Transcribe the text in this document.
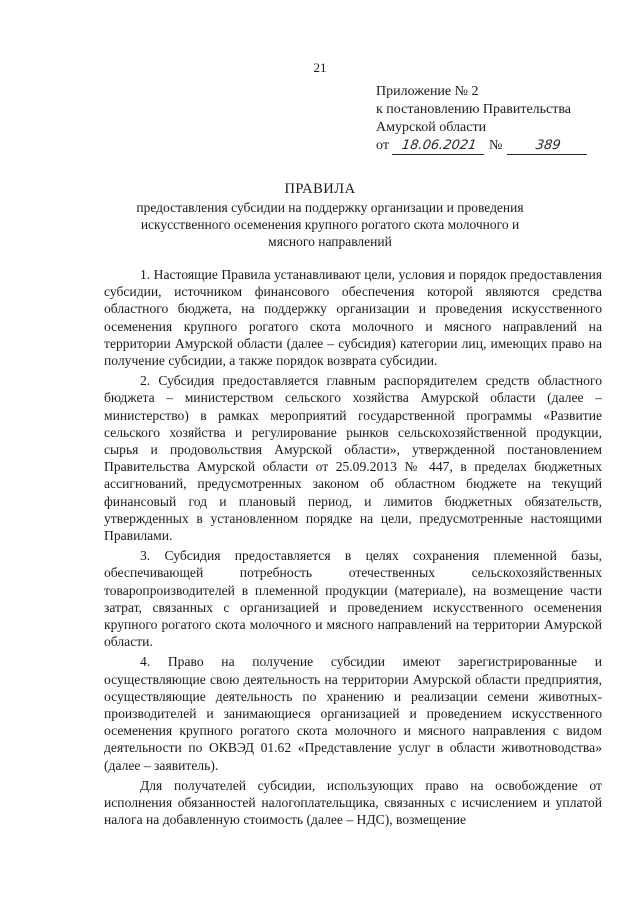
21
Приложение № 2
к постановлению Правительства
Амурской области
от 18.06.2021 №	389
ПРАВИЛА
предоставления субсидии на поддержку организации и проведения искусственного осеменения крупного рогатого скота молочного и мясного направлений

1. Настоящие Правила устанавливают цели, условия и порядок предоставления субсидии, источником финансового обеспечения которой являются средства областного бюджета, на поддержку организации и проведения искусственного осеменения крупного рогатого скота молочного и мясного направлений на территории Амурской области (далее – субсидия) категории лиц, имеющих право на получение субсидии, а также порядок возврата субсидии.

2. Субсидия предоставляется главным распорядителем средств областного бюджета – министерством сельского хозяйства Амурской области (далее – министерство) в рамках мероприятий государственной программы «Развитие сельского хозяйства и регулирование рынков сельскохозяйственной продукции, сырья и продовольствия Амурской области», утвержденной постановлением Правительства Амурской области от 25.09.2013 № 447, в пределах бюджетных ассигнований, предусмотренных законом об областном бюджете на текущий финансовый год и плановый период, и лимитов бюджетных обязательств, утвержденных в установленном порядке на цели, предусмотренные настоящими Правилами.

3. Субсидия предоставляется в целях сохранения племенной базы, обеспечивающей потребность отечественных сельскохозяйственных товаропроизводителей в племенной продукции (материале), на возмещение части затрат, связанных с организацией и проведением искусственного осеменения крупного рогатого скота молочного и мясного направлений на территории Амурской области.

4. Право на получение субсидии имеют зарегистрированные и осуществляющие свою деятельность на территории Амурской области предприятия, осуществляющие деятельность по хранению и реализации семени животных-производителей и занимающиеся организацией и проведением искусственного осеменения крупного рогатого скота молочного и мясного направления с видом деятельности по ОКВЭД 01.62 «Представление услуг в области животноводства» (далее – заявитель).

Для получателей субсидии, использующих право на освобождение от исполнения обязанностей налогоплательщика, связанных с исчислением и уплатой налога на добавленную стоимость (далее – НДС), возмещение
